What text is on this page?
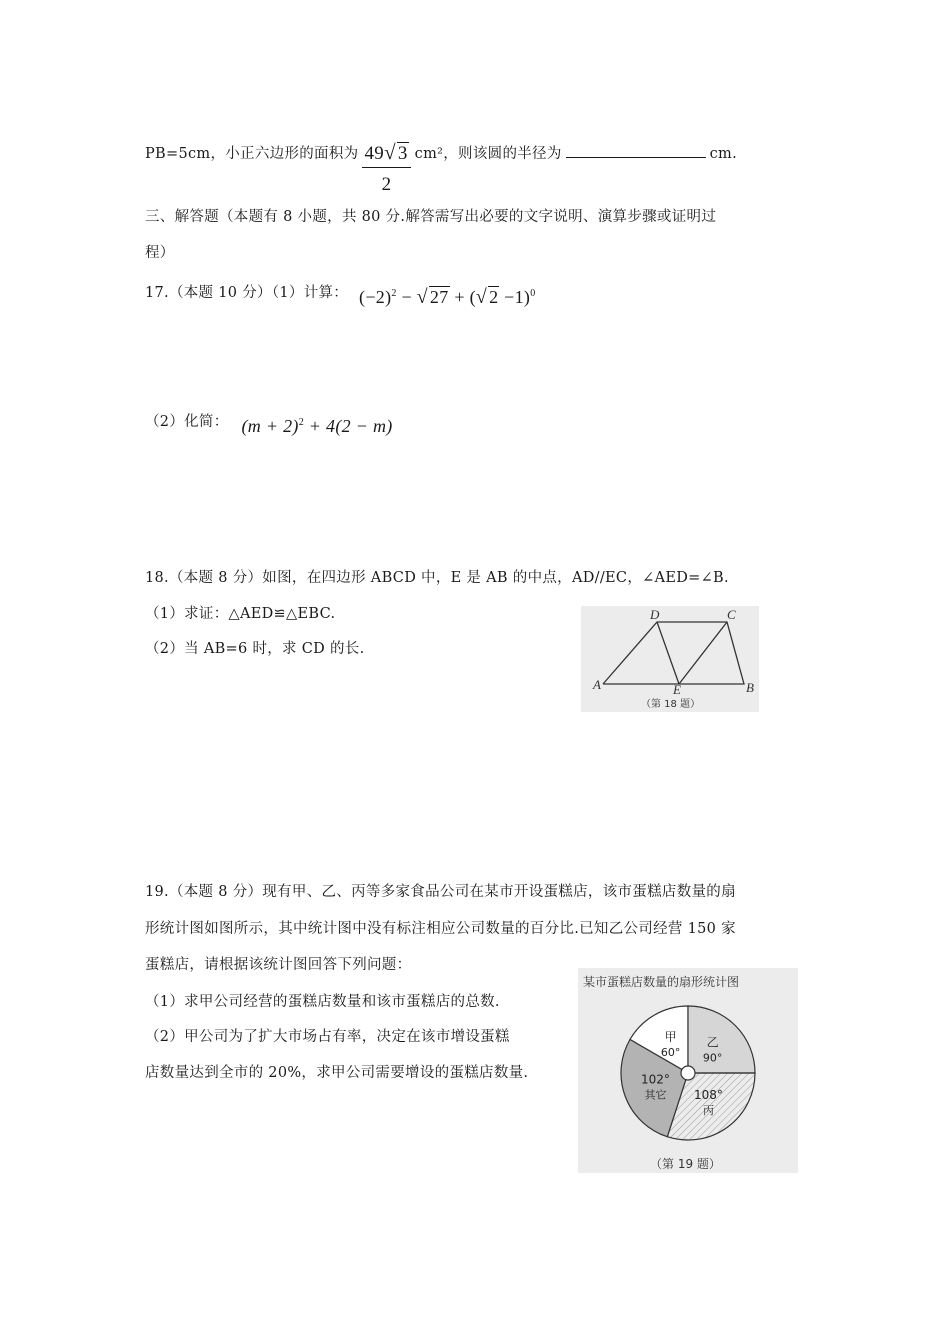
PB=5cm，小正六边形的面积为 $\frac{49√ 3}{2} cm^2$，则该圆的半径为	cm.
三、解答题（本题有 8 小题，共 80 分.解答需写出必要的文字说明、演算步骤或证明过
程）
17.（本题 10 分）（1）计算： $(-2)^2$ − √ 27 + (√ 2 −1)$^0$
（2）化简： $(m + 2)^2 + 4(2 - m)$
18.（本题 8 分）如图，在四边形 ABCD 中，E 是 AB 的中点，AD//EC，∠AED=∠B.
（1）求证：△AED≌△EBC.
（2）当 AB=6 时，求 CD 的长.
A	B
C
D
E
（第 18 题）
19.（本题 8 分）现有甲、乙、丙等多家食品公司在某市开设蛋糕店，该市蛋糕店数量的扇
形统计图如图所示，其中统计图中没有标注相应公司数量的百分比.已知乙公司经营 150 家
蛋糕店，请根据该统计图回答下列问题：
（1）求甲公司经营的蛋糕店数量和该市蛋糕店的总数.
（2）甲公司为了扩大市场占有率，决定在该市增设蛋糕
店数量达到全市的 20%，求甲公司需要增设的蛋糕店数量.
某市蛋糕店数量的扇形统计图
甲
60°
乙
90°
108°
丙
102°
其它
（第 19 题）
